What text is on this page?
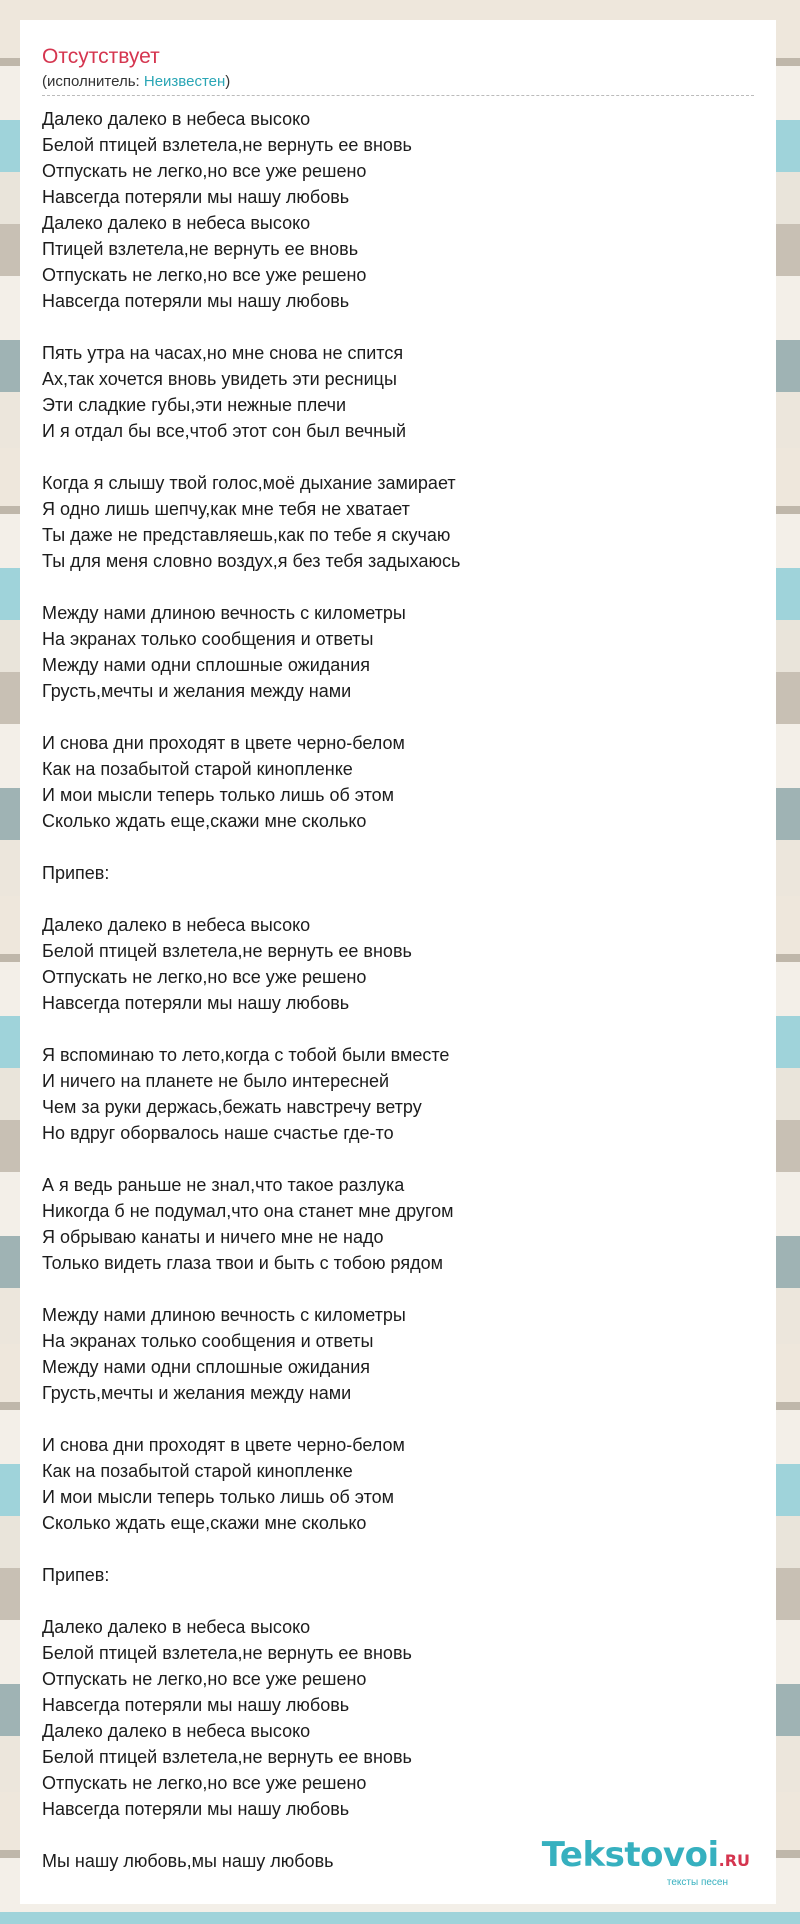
Отсутствует
(исполнитель: Неизвестен)
Далеко далеко в небеса высоко
Белой птицей взлетела,не вернуть ее вновь
Отпускать не легко,но все уже решено
Навсегда потеряли мы нашу любовь
Далеко далеко в небеса высоко
Птицей взлетела,не вернуть ее вновь
Отпускать не легко,но все уже решено
Навсегда потеряли мы нашу любовь
Пять утра на часах,но мне снова не спится
Ах,так хочется вновь увидеть эти ресницы
Эти сладкие губы,эти нежные плечи
И я отдал бы все,чтоб этот сон был вечный
Когда я слышу твой голос,моё дыхание замирает
Я одно лишь шепчу,как мне тебя не хватает
Ты даже не представляешь,как по тебе я скучаю
Ты для меня словно воздух,я без тебя задыхаюсь
Между нами длиною вечность с километры
На экранах только сообщения и ответы
Между нами одни сплошные ожидания
Грусть,мечты и желания между нами
И снова дни проходят в цвете черно-белом
Как на позабытой старой кинопленке
И мои мысли теперь только лишь об этом
Сколько ждать еще,скажи мне сколько
Припев:
Далеко далеко в небеса высоко
Белой птицей взлетела,не вернуть ее вновь
Отпускать не легко,но все уже решено
Навсегда потеряли мы нашу любовь
Я вспоминаю то лето,когда с тобой были вместе
И ничего на планете не было интересней
Чем за руки держась,бежать навстречу ветру
Но вдруг оборвалось наше счастье где-то
А я ведь раньше не знал,что такое разлука
Никогда б не подумал,что она станет мне другом
Я обрываю канаты и ничего мне не надо
Только видеть глаза твои и быть с тобою рядом
Между нами длиною вечность с километры
На экранах только сообщения и ответы
Между нами одни сплошные ожидания
Грусть,мечты и желания между нами
И снова дни проходят в цвете черно-белом
Как на позабытой старой кинопленке
И мои мысли теперь только лишь об этом
Сколько ждать еще,скажи мне сколько
Припев:
Далеко далеко в небеса высоко
Белой птицей взлетела,не вернуть ее вновь
Отпускать не легко,но все уже решено
Навсегда потеряли мы нашу любовь
Далеко далеко в небеса высоко
Белой птицей взлетела,не вернуть ее вновь
Отпускать не легко,но все уже решено
Навсегда потеряли мы нашу любовь
Мы нашу любовь,мы нашу любовь	Tekstovoi.RU
тексты песен
